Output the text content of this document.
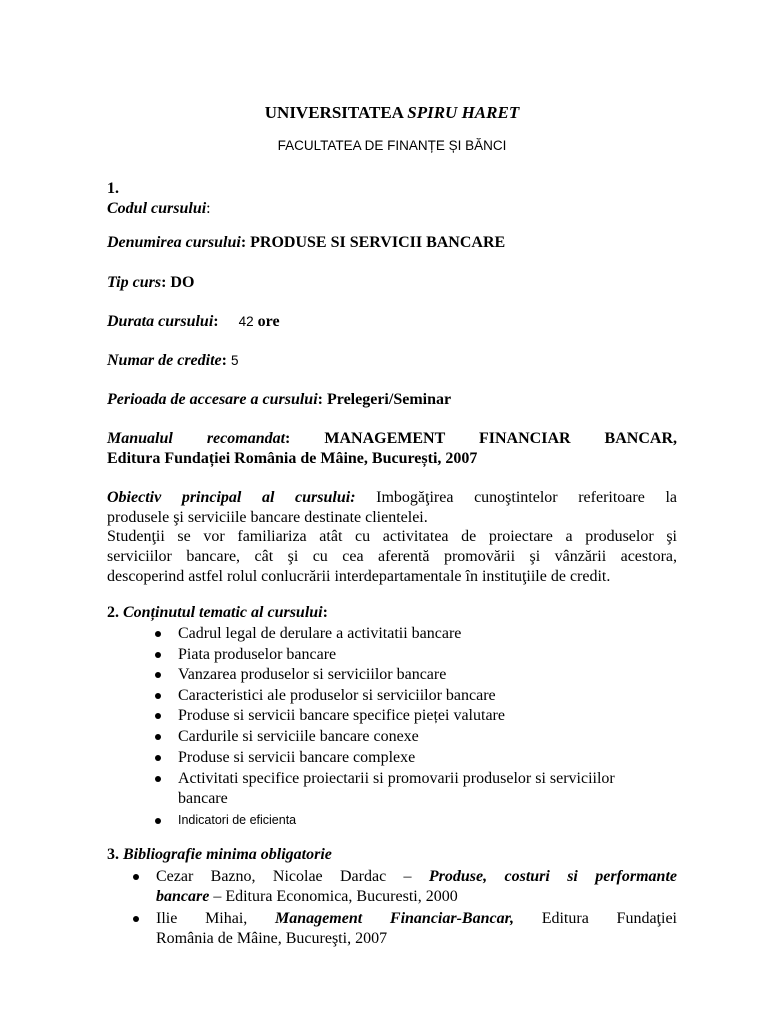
UNIVERSITATEA SPIRU HARET
FACULTATEA DE FINANȚE ȘI BĂNCI
1.
Codul cursului:
Denumirea cursului: PRODUSE SI SERVICII BANCARE
Tip curs: DO
Durata cursului: 42 ore
Numar de credite: 5
Perioada de accesare a cursului: Prelegeri/Seminar
Manualul recomandat: MANAGEMENT FINANCIAR BANCAR,
Editura Fundației România de Mâine, București, 2007
Obiectiv principal al cursului: Imbogăţirea cunoştintelor referitoare la
produsele şi serviciile bancare destinate clientelei.
Studenţii se vor familiariza atât cu activitatea de proiectare a produselor şi
serviciilor bancare, cât şi cu cea aferentă promovării şi vânzării acestora,
descoperind astfel rolul conlucrării interdepartamentale în instituţiile de credit.
2. Conținutul tematic al cursului:
Cadrul legal de derulare a activitatii bancare
Piata produselor bancare
Vanzarea produselor si serviciilor bancare
Caracteristici ale produselor si serviciilor bancare
Produse si servicii bancare specifice pieței valutare
Cardurile si serviciile bancare conexe
Produse si servicii bancare complexe
Activitati specifice proiectarii si promovarii produselor si serviciilor
bancare
Indicatori de eficienta
3. Bibliografie minima obligatorie
Cezar Bazno, Nicolae Dardac – Produse, costuri si performante
bancare – Editura Economica, Bucuresti, 2000
Ilie Mihai, Management Financiar-Bancar, Editura Fundaţiei
România de Mâine, Bucureşti, 2007
